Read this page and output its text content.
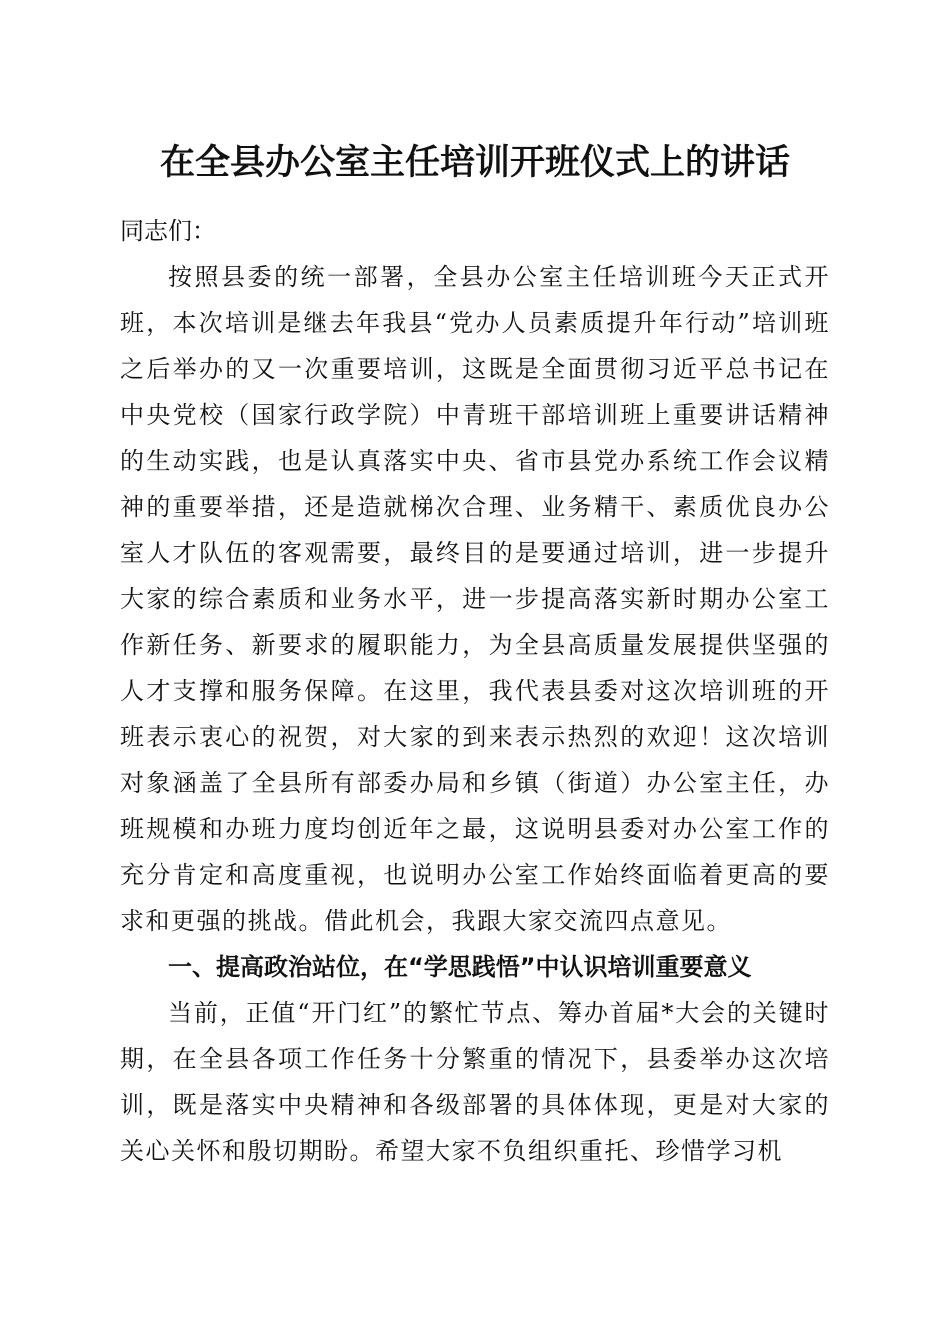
在全县办公室主任培训开班仪式上的讲话
同志们：

按照县委的统一部署，全县办公室主任培训班今天正式开班，本次培训是继去年我县“党办人员素质提升年行动”培训班之后举办的又一次重要培训，这既是全面贯彻习近平总书记在中央党校（国家行政学院）中青班干部培训班上重要讲话精神的生动实践，也是认真落实中央、省市县党办系统工作会议精神的重要举措，还是造就梯次合理、业务精干、素质优良办公室人才队伍的客观需要，最终目的是要通过培训，进一步提升大家的综合素质和业务水平，进一步提高落实新时期办公室工作新任务、新要求的履职能力，为全县高质量发展提供坚强的人才支撑和服务保障。在这里，我代表县委对这次培训班的开班表示衷心的祝贺，对大家的到来表示热烈的欢迎！这次培训对象涵盖了全县所有部委办局和乡镇（街道）办公室主任，办班规模和办班力度均创近年之最，这说明县委对办公室工作的充分肯定和高度重视，也说明办公室工作始终面临着更高的要求和更强的挑战。借此机会，我跟大家交流四点意见。

一、提高政治站位，在“学思践悟”中认识培训重要意义

当前，正值“开门红”的繁忙节点、筹办首届*大会的关键时期，在全县各项工作任务十分繁重的情况下，县委举办这次培训，既是落实中央精神和各级部署的具体体现，更是对大家的关心关怀和殷切期盼。希望大家不负组织重托、珍惜学习机
